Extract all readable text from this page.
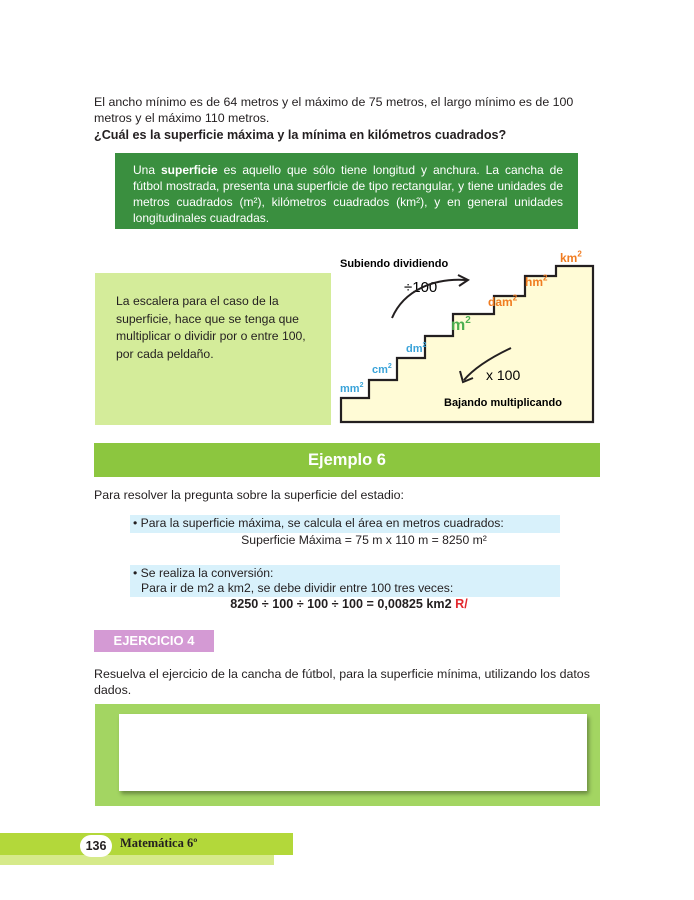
El ancho mínimo es de 64 metros y el máximo de 75 metros, el largo mínimo es de 100 metros y el máximo 110 metros.
¿Cuál es la superficie máxima y la mínima en kilómetros cuadrados?
Una superficie es aquello que sólo tiene longitud y anchura. La cancha de fútbol mostrada, presenta una superficie de tipo rectangular, y tiene unidades de metros cuadrados (m²), kilómetros cuadrados (km²), y en general unidades longitudinales cuadradas.
La escalera para el caso de la superficie, hace que se tenga que multiplicar o dividir por o entre 100, por cada peldaño.
Subiendo dividiendo
÷100
x 100
Bajando multiplicando
$mm^2$
$cm^2$
$dm^2$
$m^2$
dam$^2$
$hm^2$
$km^2$
Ejemplo 6
Para resolver la pregunta sobre la superficie del estadio:
• Para la superficie máxima, se calcula el área en metros cuadrados:
Superficie Máxima = 75 m x 110 m = 8250 m²
• Se realiza la conversión:
Para ir de m2 a km2, se debe dividir entre 100 tres veces:
8250 ÷ 100 ÷ 100 ÷ 100 = 0,00825 km2 R/
EJERCICIO 4
Resuelva el ejercicio de la cancha de fútbol, para la superficie mínima, utilizando los datos dados.
136	Matemática 6º
